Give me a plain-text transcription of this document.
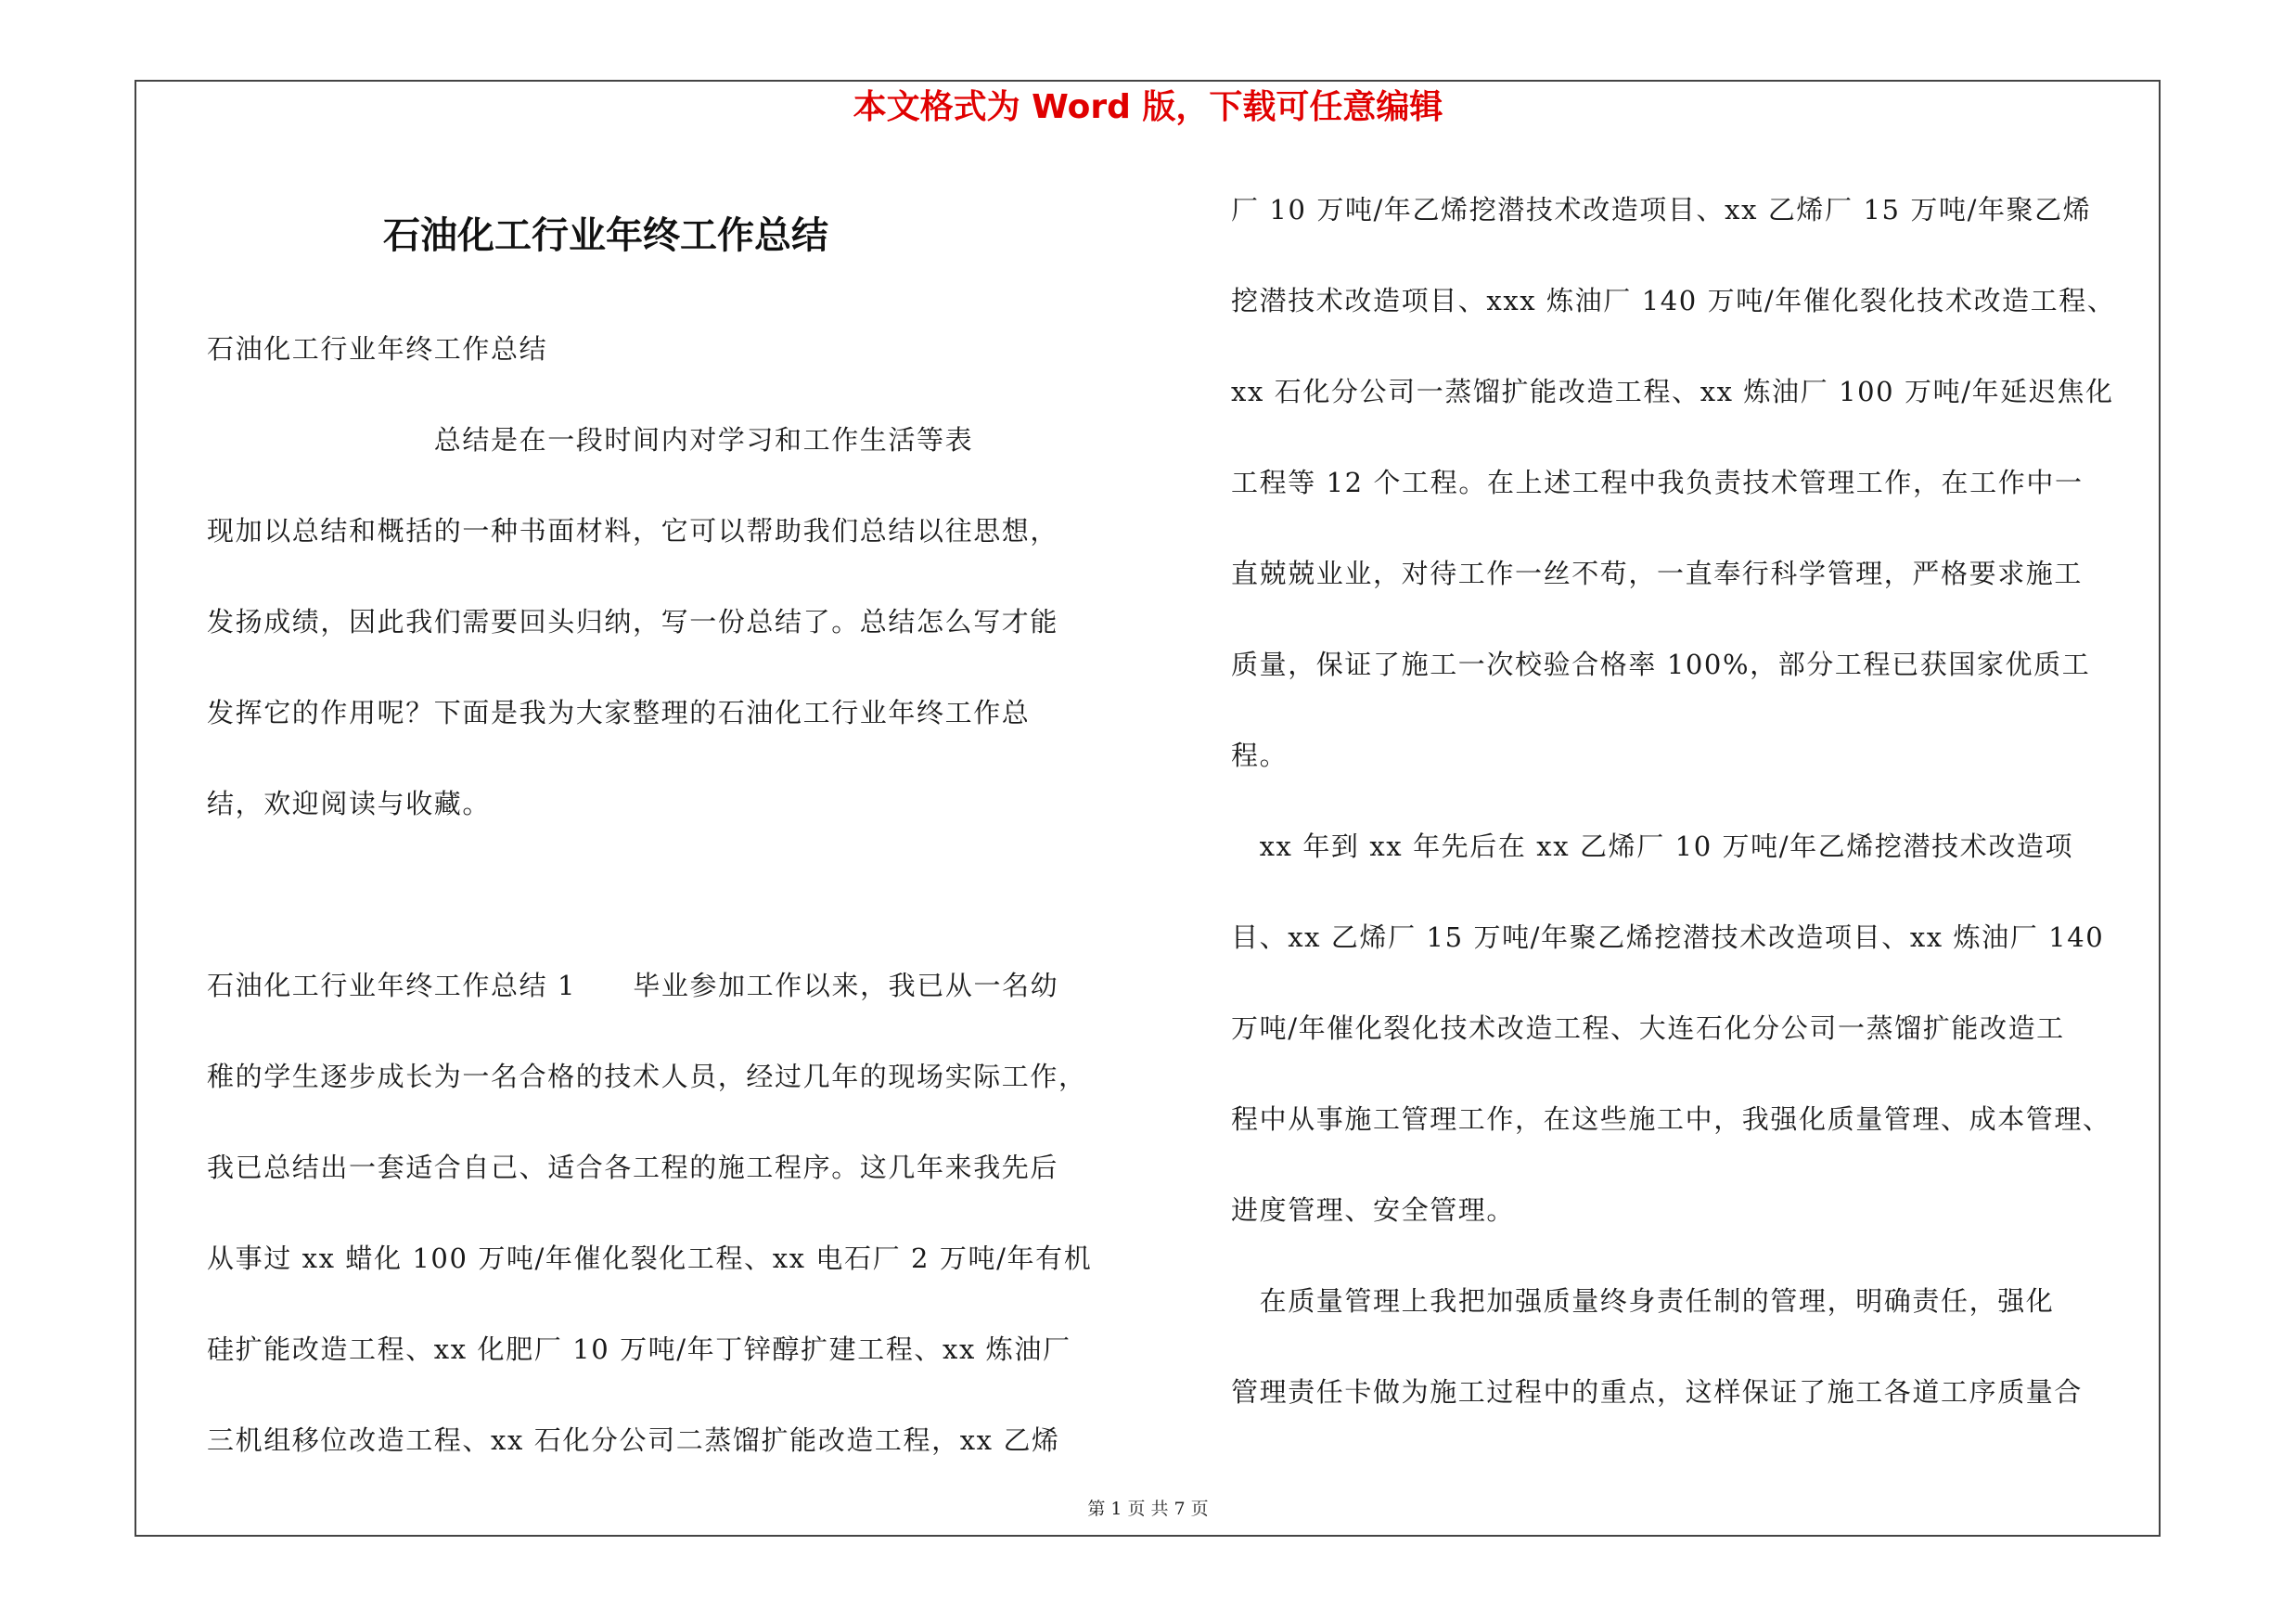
本文格式为 Word 版，下载可任意编辑
石油化工行业年终工作总结
石油化工行业年终工作总结
　　　　　　　　总结是在一段时间内对学习和工作生活等表
现加以总结和概括的一种书面材料，它可以帮助我们总结以往思想，
发扬成绩，因此我们需要回头归纳，写一份总结了。总结怎么写才能
发挥它的作用呢？下面是我为大家整理的石油化工行业年终工作总
结，欢迎阅读与收藏。
石油化工行业年终工作总结 1　　毕业参加工作以来，我已从一名幼
稚的学生逐步成长为一名合格的技术人员，经过几年的现场实际工作，
我已总结出一套适合自己、适合各工程的施工程序。这几年来我先后
从事过 xx 蜡化 100 万吨/年催化裂化工程、xx 电石厂 2 万吨/年有机
硅扩能改造工程、xx 化肥厂 10 万吨/年丁锌醇扩建工程、xx 炼油厂
三机组移位改造工程、xx 石化分公司二蒸馏扩能改造工程，xx 乙烯
厂 10 万吨/年乙烯挖潜技术改造项目、xx 乙烯厂 15 万吨/年聚乙烯
挖潜技术改造项目、xxx 炼油厂 140 万吨/年催化裂化技术改造工程、
xx 石化分公司一蒸馏扩能改造工程、xx 炼油厂 100 万吨/年延迟焦化
工程等 12 个工程。在上述工程中我负责技术管理工作，在工作中一
直兢兢业业，对待工作一丝不苟，一直奉行科学管理，严格要求施工
质量，保证了施工一次校验合格率 100%，部分工程已获国家优质工
程。
　xx 年到 xx 年先后在 xx 乙烯厂 10 万吨/年乙烯挖潜技术改造项
目、xx 乙烯厂 15 万吨/年聚乙烯挖潜技术改造项目、xx 炼油厂 140
万吨/年催化裂化技术改造工程、大连石化分公司一蒸馏扩能改造工
程中从事施工管理工作，在这些施工中，我强化质量管理、成本管理、
进度管理、安全管理。
　在质量管理上我把加强质量终身责任制的管理，明确责任，强化
管理责任卡做为施工过程中的重点，这样保证了施工各道工序质量合
第 1 页 共 7 页
